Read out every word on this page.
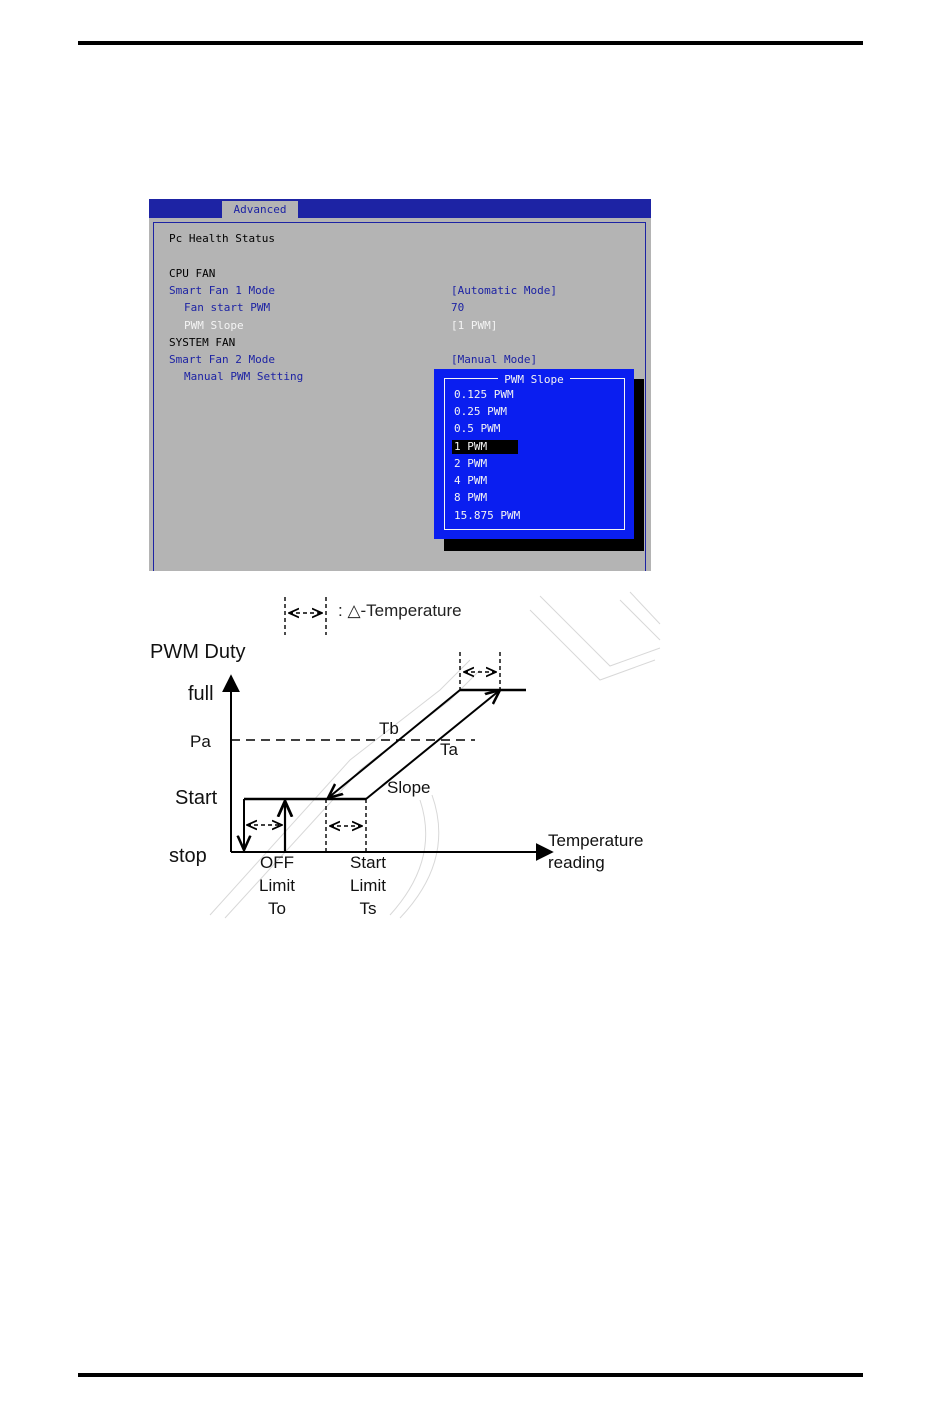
Advanced
Pc Health Status
CPU FAN
Smart Fan 1 Mode	[Automatic Mode]
Fan start PWM	70
PWM Slope	[1 PWM]
SYSTEM FAN
Smart Fan 2 Mode	[Manual Mode]
Manual PWM Setting	PWM Slope
0.125 PWM
0.25 PWM
0.5 PWM
1 PWM
2 PWM
4 PWM
8 PWM
15.875 PWM
: △-Temperature
PWM Duty
full
Pa
Start
stop
Tb
Ta
Slope
Temperature
reading
OFF
Limit
To
Start
Limit
Ts
